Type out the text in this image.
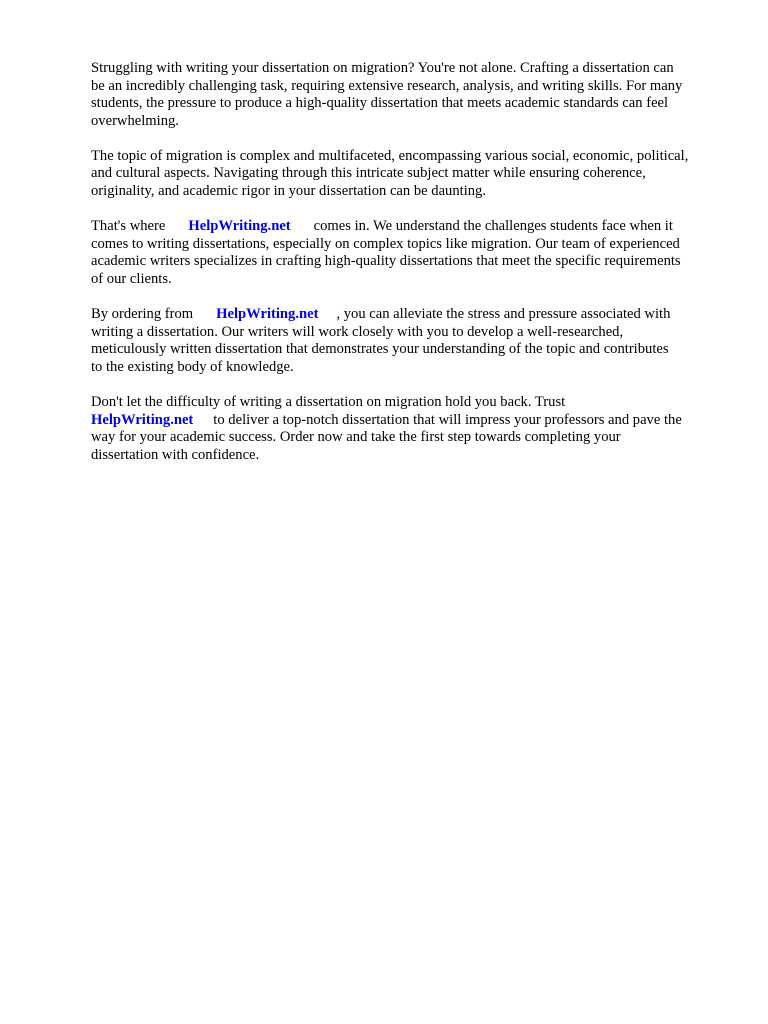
Struggling with writing your dissertation on migration? You're not alone. Crafting a dissertation can
be an incredibly challenging task, requiring extensive research, analysis, and writing skills. For many
students, the pressure to produce a high-quality dissertation that meets academic standards can feel
overwhelming.

The topic of migration is complex and multifaceted, encompassing various social, economic, political,
and cultural aspects. Navigating through this intricate subject matter while ensuring coherence,
originality, and academic rigor in your dissertation can be daunting.

That's where HelpWriting.net comes in. We understand the challenges students face when it
comes to writing dissertations, especially on complex topics like migration. Our team of experienced
academic writers specializes in crafting high-quality dissertations that meet the specific requirements
of our clients.

By ordering from HelpWriting.net , you can alleviate the stress and pressure associated with
writing a dissertation. Our writers will work closely with you to develop a well-researched,
meticulously written dissertation that demonstrates your understanding of the topic and contributes
to the existing body of knowledge.

Don't let the difficulty of writing a dissertation on migration hold you back. Trust
HelpWriting.net to deliver a top-notch dissertation that will impress your professors and pave the
way for your academic success. Order now and take the first step towards completing your
dissertation with confidence.
